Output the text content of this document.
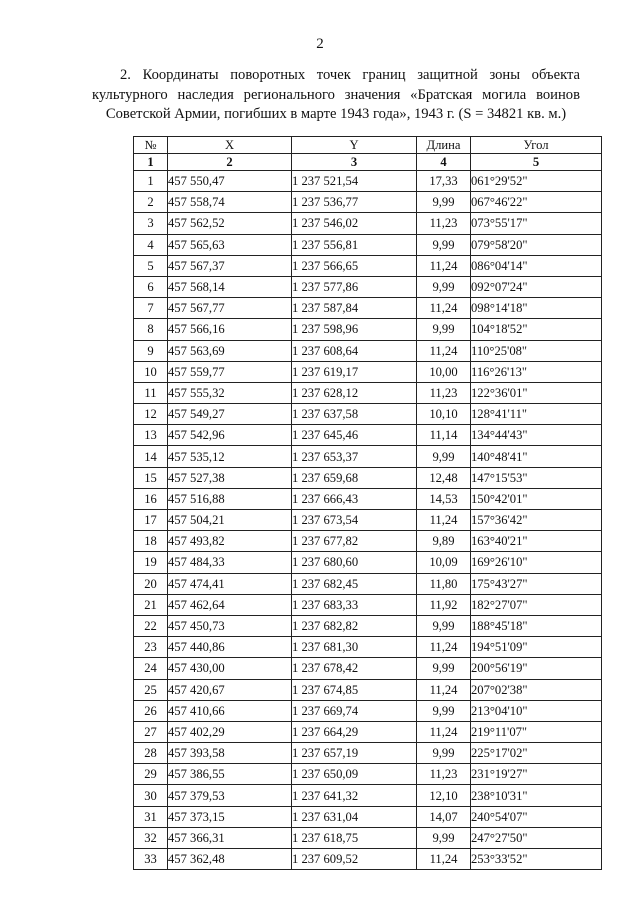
2
2. Координаты поворотных точек границ защитной зоны объекта
культурного наследия регионального значения «Братская могила воинов Советской Армии, погибших в марте 1943 года», 1943 г. (S = 34821 кв. м.)
№	X	Y	Длина	Угол
1	2	3	4	5
1	457 550,47	1 237 521,54	17,33	061°29'52"
2	457 558,74	1 237 536,77	9,99	067°46'22"
3	457 562,52	1 237 546,02	11,23	073°55'17"
4	457 565,63	1 237 556,81	9,99	079°58'20"
5	457 567,37	1 237 566,65	11,24	086°04'14"
6	457 568,14	1 237 577,86	9,99	092°07'24"
7	457 567,77	1 237 587,84	11,24	098°14'18"
8	457 566,16	1 237 598,96	9,99	104°18'52"
9	457 563,69	1 237 608,64	11,24	110°25'08"
10	457 559,77	1 237 619,17	10,00	116°26'13"
11	457 555,32	1 237 628,12	11,23	122°36'01"
12	457 549,27	1 237 637,58	10,10	128°41'11"
13	457 542,96	1 237 645,46	11,14	134°44'43"
14	457 535,12	1 237 653,37	9,99	140°48'41"
15	457 527,38	1 237 659,68	12,48	147°15'53"
16	457 516,88	1 237 666,43	14,53	150°42'01"
17	457 504,21	1 237 673,54	11,24	157°36'42"
18	457 493,82	1 237 677,82	9,89	163°40'21"
19	457 484,33	1 237 680,60	10,09	169°26'10"
20	457 474,41	1 237 682,45	11,80	175°43'27"
21	457 462,64	1 237 683,33	11,92	182°27'07"
22	457 450,73	1 237 682,82	9,99	188°45'18"
23	457 440,86	1 237 681,30	11,24	194°51'09"
24	457 430,00	1 237 678,42	9,99	200°56'19"
25	457 420,67	1 237 674,85	11,24	207°02'38"
26	457 410,66	1 237 669,74	9,99	213°04'10"
27	457 402,29	1 237 664,29	11,24	219°11'07"
28	457 393,58	1 237 657,19	9,99	225°17'02"
29	457 386,55	1 237 650,09	11,23	231°19'27"
30	457 379,53	1 237 641,32	12,10	238°10'31"
31	457 373,15	1 237 631,04	14,07	240°54'07"
32	457 366,31	1 237 618,75	9,99	247°27'50"
33	457 362,48	1 237 609,52	11,24	253°33'52"
